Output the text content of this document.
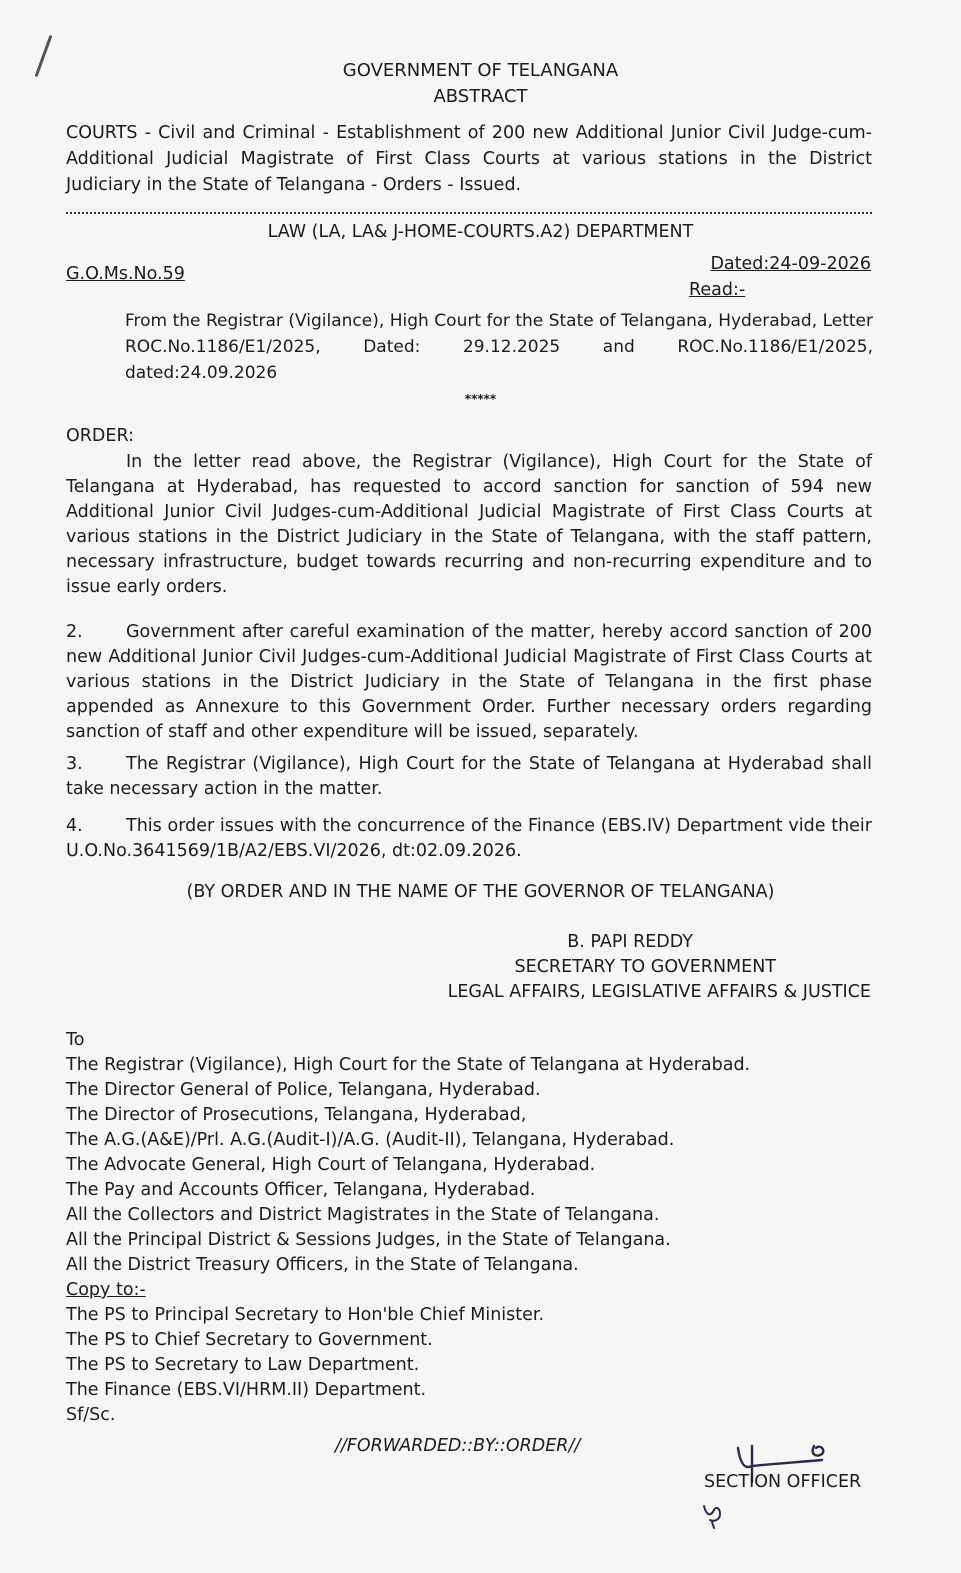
GOVERNMENT OF TELANGANA
ABSTRACT
COURTS - Civil and Criminal - Establishment of 200 new Additional Junior Civil Judge-cum-Additional Judicial Magistrate of First Class Courts at various stations in the District Judiciary in the State of Telangana - Orders - Issued.
LAW (LA, LA& J-HOME-COURTS.A2) DEPARTMENT
G.O.Ms.No.59	Dated:24-09-2026
Read:-
From the Registrar (Vigilance), High Court for the State of Telangana, Hyderabad, Letter ROC.No.1186/E1/2025, Dated: 29.12.2025 and ROC.No.1186/E1/2025, dated:24.09.2026
*****
ORDER:
In the letter read above, the Registrar (Vigilance), High Court for the State of Telangana at Hyderabad, has requested to accord sanction for sanction of 594 new Additional Junior Civil Judges-cum-Additional Judicial Magistrate of First Class Courts at various stations in the District Judiciary in the State of Telangana, with the staff pattern, necessary infrastructure, budget towards recurring and non-recurring expenditure and to issue early orders.
2. Government after careful examination of the matter, hereby accord sanction of 200 new Additional Junior Civil Judges-cum-Additional Judicial Magistrate of First Class Courts at various stations in the District Judiciary in the State of Telangana in the first phase appended as Annexure to this Government Order. Further necessary orders regarding sanction of staff and other expenditure will be issued, separately.
3. The Registrar (Vigilance), High Court for the State of Telangana at Hyderabad shall take necessary action in the matter.
4. This order issues with the concurrence of the Finance (EBS.IV) Department vide their U.O.No.3641569/1B/A2/EBS.VI/2026, dt:02.09.2026.
(BY ORDER AND IN THE NAME OF THE GOVERNOR OF TELANGANA)
B. PAPI REDDY
SECRETARY TO GOVERNMENT
LEGAL AFFAIRS, LEGISLATIVE AFFAIRS & JUSTICE
To
The Registrar (Vigilance), High Court for the State of Telangana at Hyderabad.
The Director General of Police, Telangana, Hyderabad.
The Director of Prosecutions, Telangana, Hyderabad,
The A.G.(A&E)/Prl. A.G.(Audit-I)/A.G. (Audit-II), Telangana, Hyderabad.
The Advocate General, High Court of Telangana, Hyderabad.
The Pay and Accounts Officer, Telangana, Hyderabad.
All the Collectors and District Magistrates in the State of Telangana.
All the Principal District & Sessions Judges, in the State of Telangana.
All the District Treasury Officers, in the State of Telangana.
Copy to:-
The PS to Principal Secretary to Hon'ble Chief Minister.
The PS to Chief Secretary to Government.
The PS to Secretary to Law Department.
The Finance (EBS.VI/HRM.II) Department.
Sf/Sc.
//FORWARDED::BY::ORDER//
SECTION OFFICER
